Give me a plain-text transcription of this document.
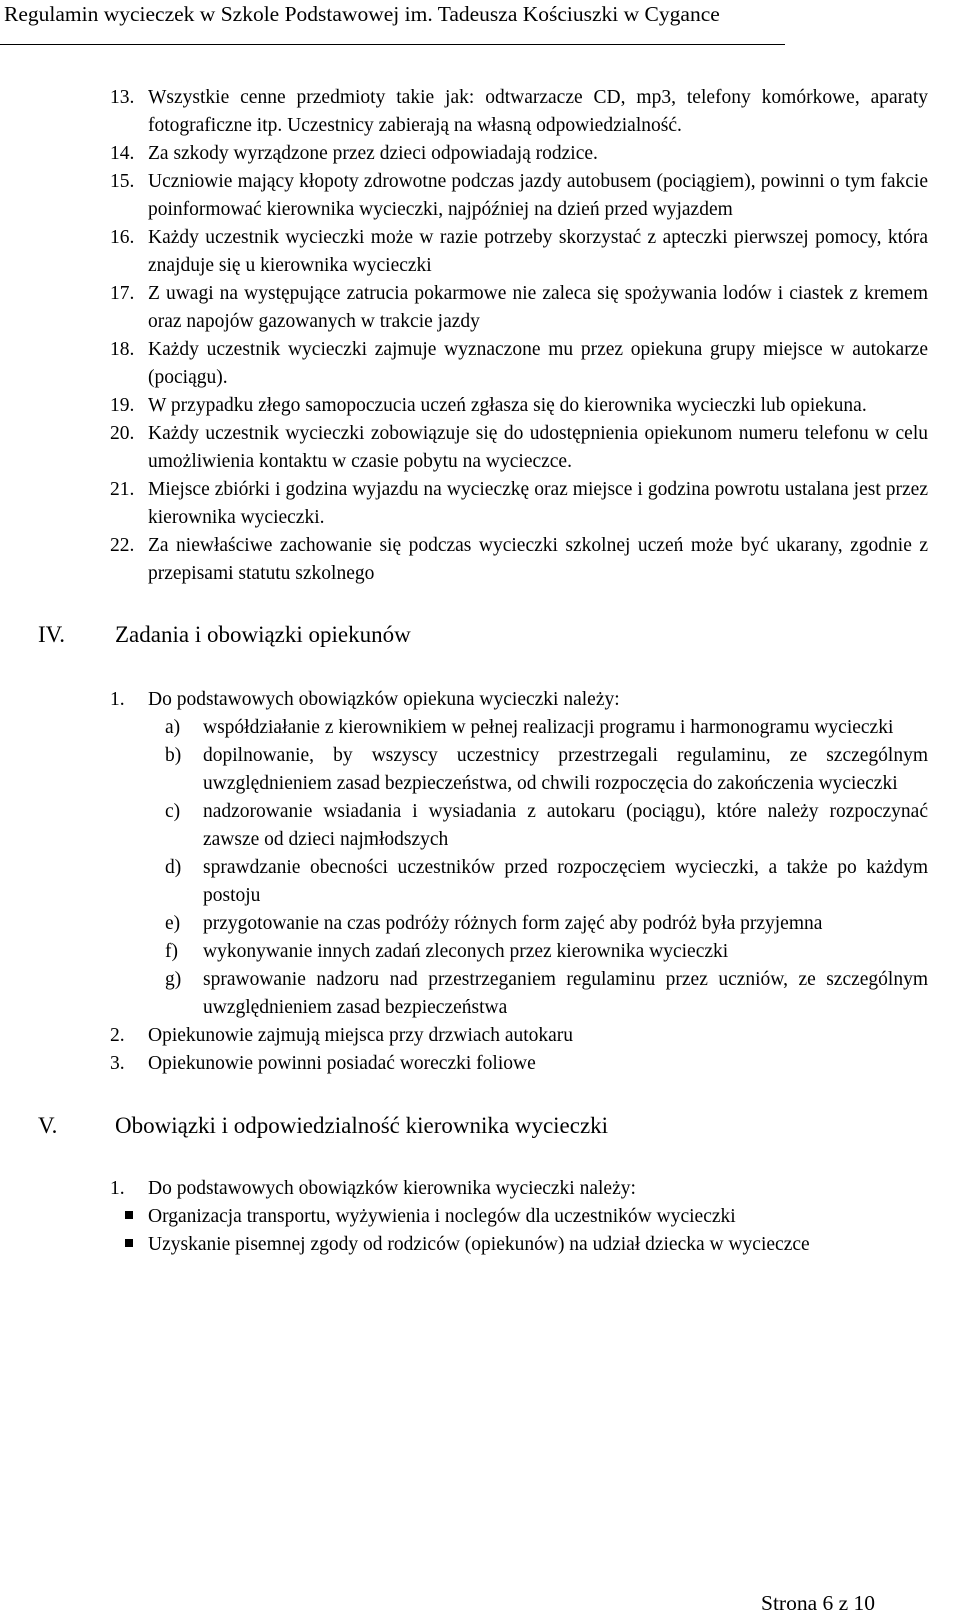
Regulamin wycieczek w Szkole Podstawowej im. Tadeusza Kościuszki w Cygance
13. Wszystkie cenne przedmioty takie jak: odtwarzacze CD, mp3, telefony komórkowe, aparaty fotograficzne itp. Uczestnicy zabierają na własną odpowiedzialność.
14. Za szkody wyrządzone przez dzieci odpowiadają rodzice.
15. Uczniowie mający kłopoty zdrowotne podczas jazdy autobusem (pociągiem), powinni o tym fakcie poinformować kierownika wycieczki, najpóźniej na dzień przed wyjazdem
16. Każdy uczestnik wycieczki może w razie potrzeby skorzystać z apteczki pierwszej pomocy, która znajduje się u kierownika wycieczki
17. Z uwagi na występujące zatrucia pokarmowe nie zaleca się spożywania lodów i ciastek z kremem oraz napojów gazowanych w trakcie jazdy
18. Każdy uczestnik wycieczki zajmuje wyznaczone mu przez opiekuna grupy miejsce w autokarze (pociągu).
19. W przypadku złego samopoczucia uczeń zgłasza się do kierownika wycieczki lub opiekuna.
20. Każdy uczestnik wycieczki zobowiązuje się do udostępnienia opiekunom numeru telefonu w celu umożliwienia kontaktu w czasie pobytu na wycieczce.
21. Miejsce zbiórki i godzina wyjazdu na wycieczkę oraz miejsce i godzina powrotu ustalana jest przez kierownika wycieczki.
22. Za niewłaściwe zachowanie się podczas wycieczki szkolnej uczeń może być ukarany, zgodnie z przepisami statutu szkolnego
IV.	Zadania i obowiązki opiekunów
1.	Do podstawowych obowiązków opiekuna wycieczki należy:
a)	współdziałanie z kierownikiem w pełnej realizacji programu i harmonogramu wycieczki
b)	dopilnowanie, by wszyscy uczestnicy przestrzegali regulaminu, ze szczególnym uwzględnieniem zasad bezpieczeństwa, od chwili rozpoczęcia do zakończenia wycieczki
c)	nadzorowanie wsiadania i wysiadania z autokaru (pociągu), które należy rozpoczynać zawsze od dzieci najmłodszych
d)	sprawdzanie obecności uczestników przed rozpoczęciem wycieczki, a także po każdym postoju
e)	przygotowanie na czas podróży różnych form zajęć aby podróż była przyjemna
f)	wykonywanie innych zadań zleconych przez kierownika wycieczki
g)	sprawowanie nadzoru nad przestrzeganiem regulaminu przez uczniów, ze szczególnym uwzględnieniem zasad bezpieczeństwa
2.	Opiekunowie zajmują miejsca przy drzwiach autokaru
3.	Opiekunowie powinni posiadać woreczki foliowe
V.	Obowiązki i odpowiedzialność kierownika wycieczki
1.	Do podstawowych obowiązków kierownika wycieczki należy:
Organizacja transportu, wyżywienia i noclegów dla uczestników wycieczki
Uzyskanie pisemnej zgody od rodziców (opiekunów) na udział dziecka w wycieczce
Strona 6 z 10
